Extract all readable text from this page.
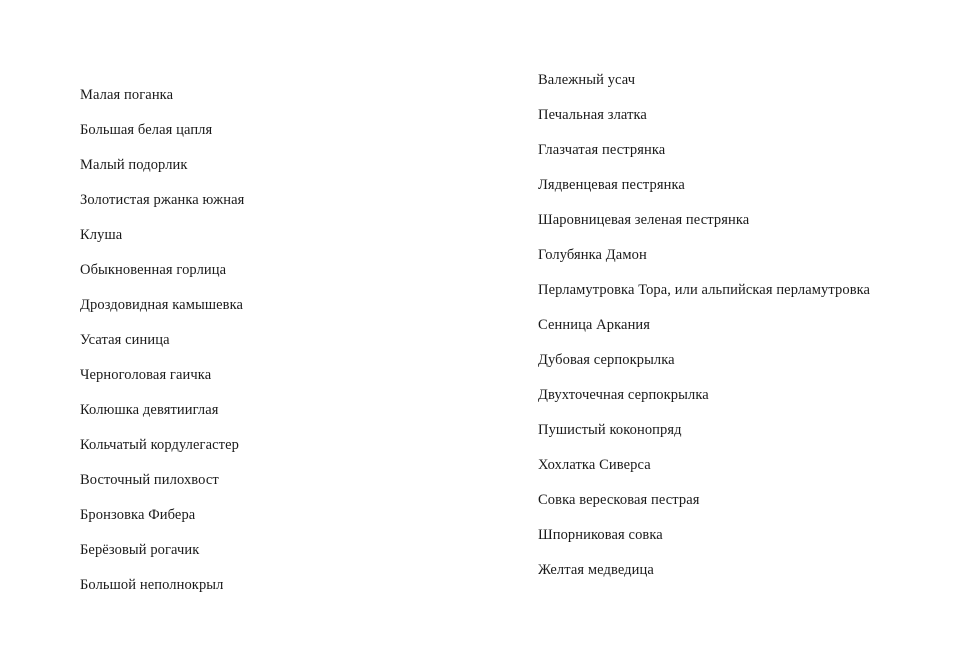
Малая поганка
Большая белая цапля
Малый подорлик
Золотистая ржанка южная
Клуша
Обыкновенная горлица
Дроздовидная камышевка
Усатая синица
Черноголовая гаичка
Колюшка девятииглая
Кольчатый кордулегастер
Восточный пилохвост
Бронзовка Фибера
Берёзовый рогачик
Большой неполнокрыл
Валежный усач
Печальная златка
Глазчатая пестрянка
Лядвенцевая пестрянка
Шаровницевая зеленая пестрянка
Голубянка Дамон
Перламутровка Тора, или альпийская перламутровка
Сенница Аркания
Дубовая серпокрылка
Двухточечная серпокрылка
Пушистый коконопряд
Хохлатка Сиверса
Совка вересковая пестрая
Шпорниковая совка
Желтая медведица
